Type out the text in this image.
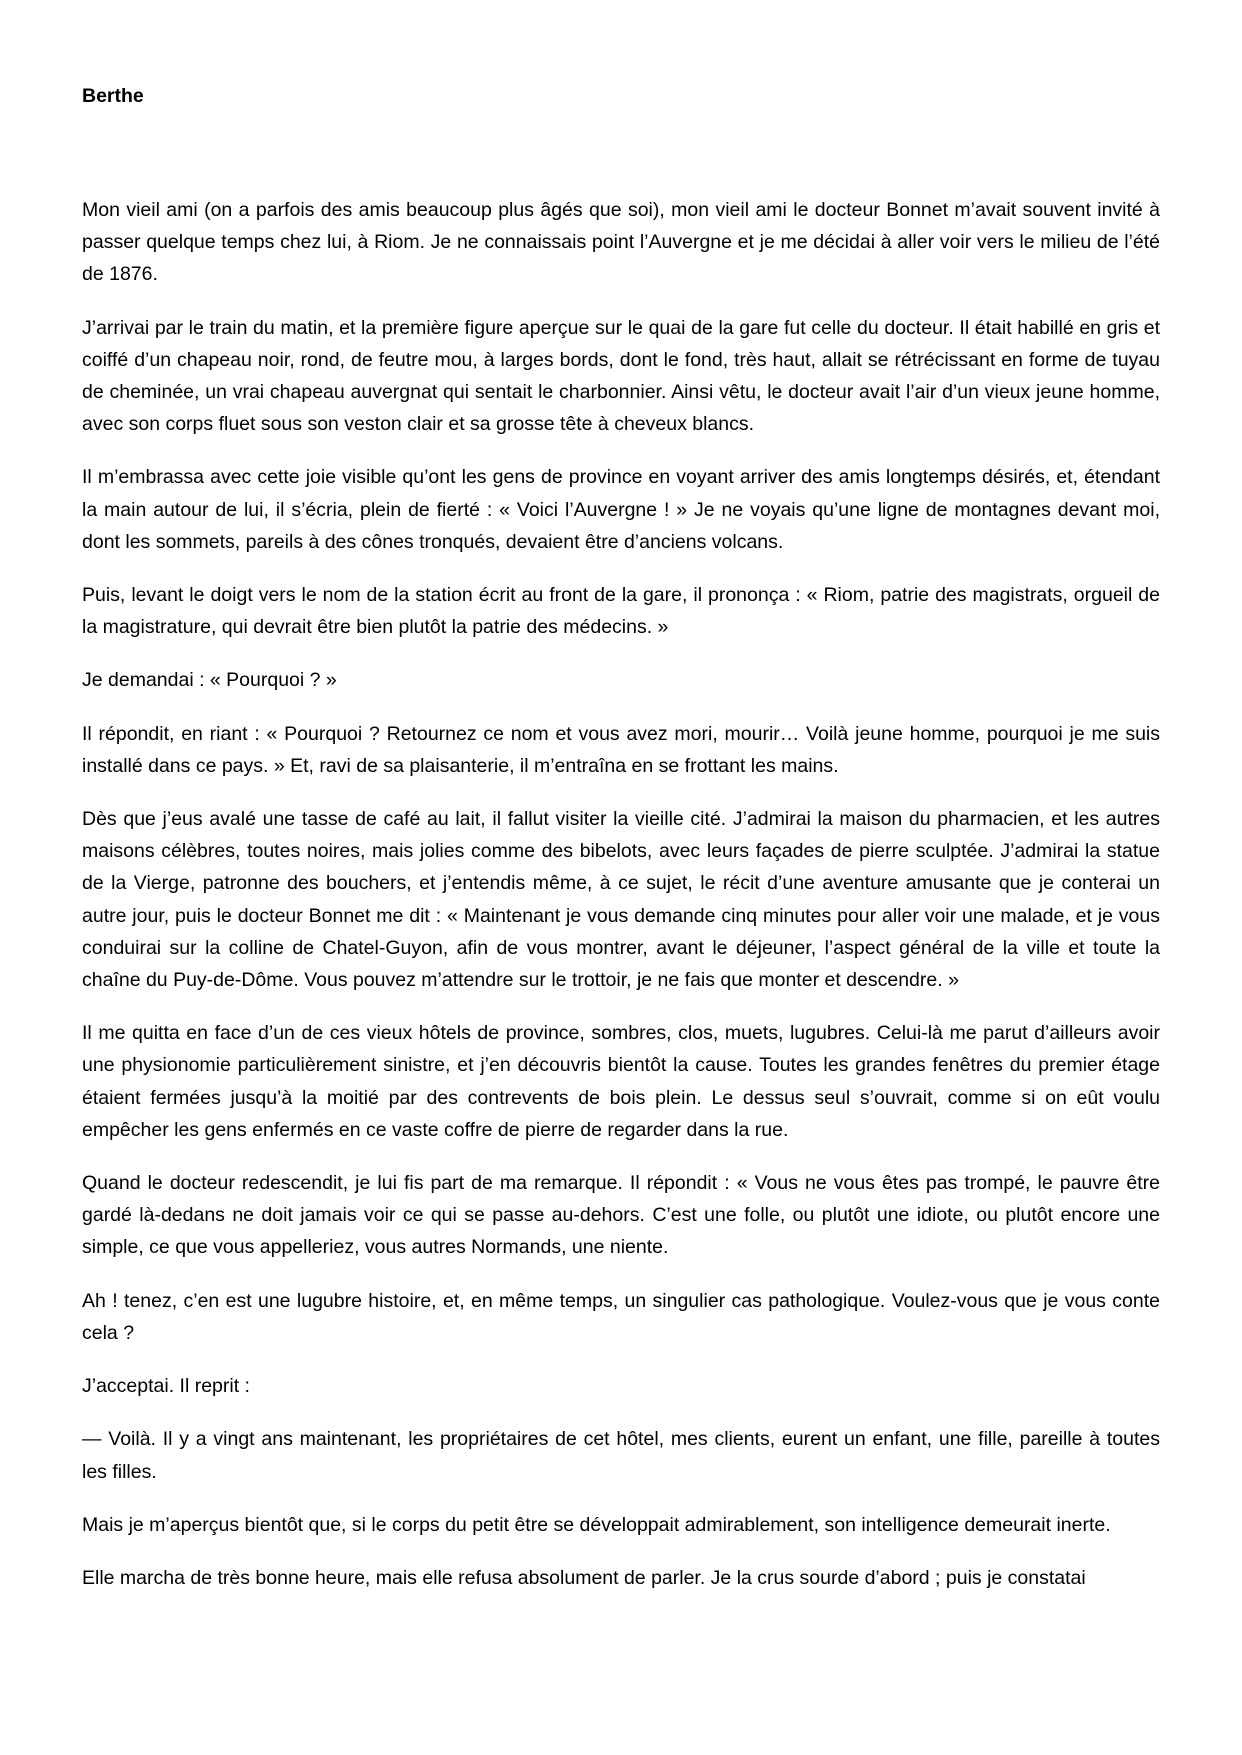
Berthe

Mon vieil ami (on a parfois des amis beaucoup plus âgés que soi), mon vieil ami le docteur Bonnet m’avait souvent invité à passer quelque temps chez lui, à Riom. Je ne connaissais point l’Auvergne et je me décidai à aller voir vers le milieu de l’été de 1876.

J’arrivai par le train du matin, et la première figure aperçue sur le quai de la gare fut celle du docteur. Il était habillé en gris et coiffé d’un chapeau noir, rond, de feutre mou, à larges bords, dont le fond, très haut, allait se rétrécissant en forme de tuyau de cheminée, un vrai chapeau auvergnat qui sentait le charbonnier. Ainsi vêtu, le docteur avait l’air d’un vieux jeune homme, avec son corps fluet sous son veston clair et sa grosse tête à cheveux blancs.

Il m’embrassa avec cette joie visible qu’ont les gens de province en voyant arriver des amis longtemps désirés, et, étendant la main autour de lui, il s’écria, plein de fierté : « Voici l’Auvergne ! » Je ne voyais qu’une ligne de montagnes devant moi, dont les sommets, pareils à des cônes tronqués, devaient être d’anciens volcans.

Puis, levant le doigt vers le nom de la station écrit au front de la gare, il prononça : « Riom, patrie des magistrats, orgueil de la magistrature, qui devrait être bien plutôt la patrie des médecins. »

Je demandai : « Pourquoi ? »

Il répondit, en riant : « Pourquoi ? Retournez ce nom et vous avez mori, mourir… Voilà jeune homme, pourquoi je me suis installé dans ce pays. » Et, ravi de sa plaisanterie, il m’entraîna en se frottant les mains.

Dès que j’eus avalé une tasse de café au lait, il fallut visiter la vieille cité. J’admirai la maison du pharmacien, et les autres maisons célèbres, toutes noires, mais jolies comme des bibelots, avec leurs façades de pierre sculptée. J’admirai la statue de la Vierge, patronne des bouchers, et j’entendis même, à ce sujet, le récit d’une aventure amusante que je conterai un autre jour, puis le docteur Bonnet me dit : « Maintenant je vous demande cinq minutes pour aller voir une malade, et je vous conduirai sur la colline de Chatel-Guyon, afin de vous montrer, avant le déjeuner, l’aspect général de la ville et toute la chaîne du Puy-de-Dôme. Vous pouvez m’attendre sur le trottoir, je ne fais que monter et descendre. »

Il me quitta en face d’un de ces vieux hôtels de province, sombres, clos, muets, lugubres. Celui-là me parut d’ailleurs avoir une physionomie particulièrement sinistre, et j’en découvris bientôt la cause. Toutes les grandes fenêtres du premier étage étaient fermées jusqu’à la moitié par des contrevents de bois plein. Le dessus seul s’ouvrait, comme si on eût voulu empêcher les gens enfermés en ce vaste coffre de pierre de regarder dans la rue.

Quand le docteur redescendit, je lui fis part de ma remarque. Il répondit : « Vous ne vous êtes pas trompé, le pauvre être gardé là-dedans ne doit jamais voir ce qui se passe au-dehors. C’est une folle, ou plutôt une idiote, ou plutôt encore une simple, ce que vous appelleriez, vous autres Normands, une niente.

Ah ! tenez, c’en est une lugubre histoire, et, en même temps, un singulier cas pathologique. Voulez-vous que je vous conte cela ?

J’acceptai. Il reprit :

— Voilà. Il y a vingt ans maintenant, les propriétaires de cet hôtel, mes clients, eurent un enfant, une fille, pareille à toutes les filles.

Mais je m’aperçus bientôt que, si le corps du petit être se développait admirablement, son intelligence demeurait inerte.

Elle marcha de très bonne heure, mais elle refusa absolument de parler. Je la crus sourde d’abord ; puis je constatai
